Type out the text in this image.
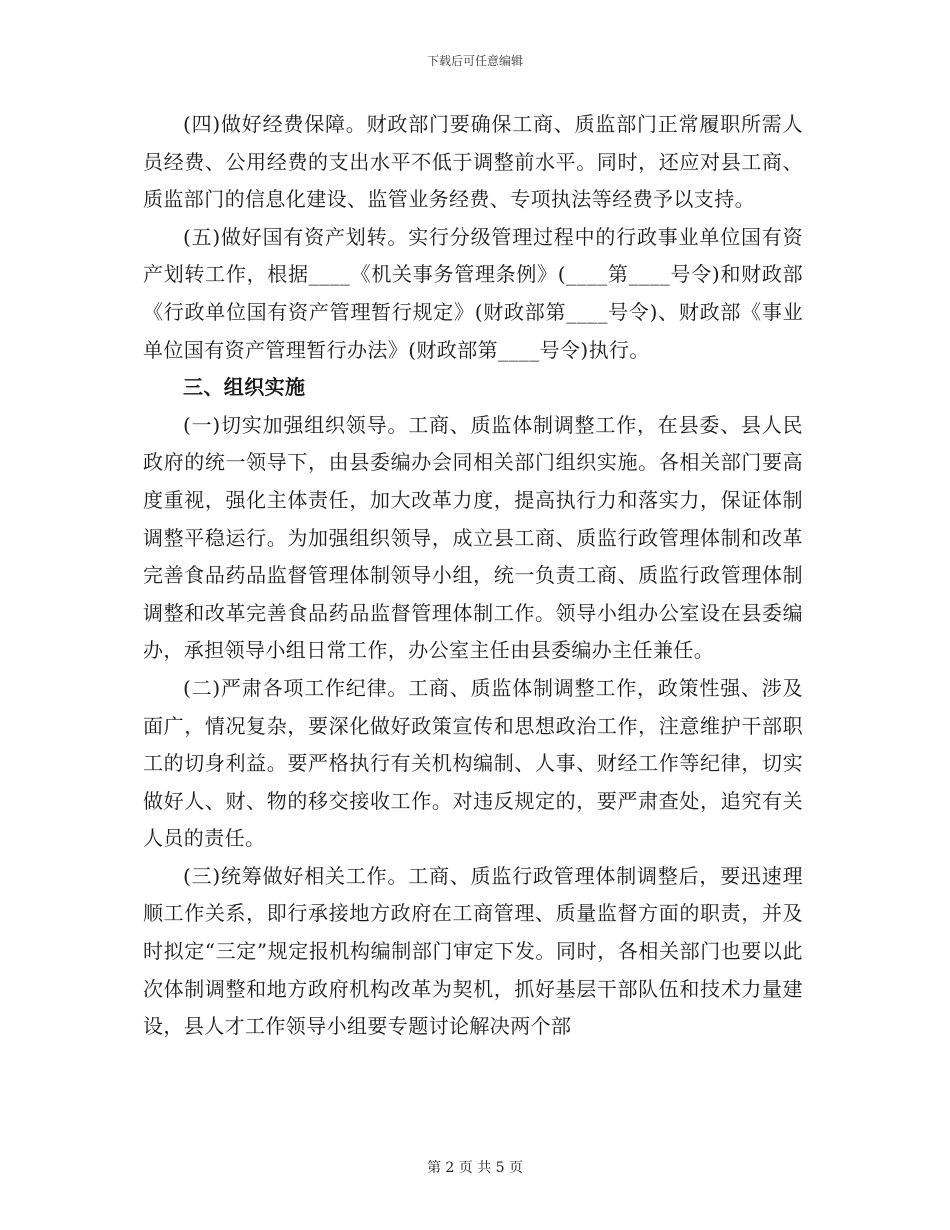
下载后可任意编辑

(四)做好经费保障。财政部门要确保工商、质监部门正常履职所需人员经费、公用经费的支出水平不低于调整前水平。同时，还应对县工商、质监部门的信息化建设、监管业务经费、专项执法等经费予以支持。

(五)做好国有资产划转。实行分级管理过程中的行政事业单位国有资产划转工作，根据____《机关事务管理条例》(____第____号令)和财政部《行政单位国有资产管理暂行规定》(财政部第____号令)、财政部《事业单位国有资产管理暂行办法》(财政部第____号令)执行。

三、组织实施

(一)切实加强组织领导。工商、质监体制调整工作，在县委、县人民政府的统一领导下，由县委编办会同相关部门组织实施。各相关部门要高度重视，强化主体责任，加大改革力度，提高执行力和落实力，保证体制调整平稳运行。为加强组织领导，成立县工商、质监行政管理体制和改革完善食品药品监督管理体制领导小组，统一负责工商、质监行政管理体制调整和改革完善食品药品监督管理体制工作。领导小组办公室设在县委编办，承担领导小组日常工作，办公室主任由县委编办主任兼任。

(二)严肃各项工作纪律。工商、质监体制调整工作，政策性强、涉及面广，情况复杂，要深化做好政策宣传和思想政治工作，注意维护干部职工的切身利益。要严格执行有关机构编制、人事、财经工作等纪律，切实做好人、财、物的移交接收工作。对违反规定的，要严肃查处，追究有关人员的责任。

(三)统筹做好相关工作。工商、质监行政管理体制调整后，要迅速理顺工作关系，即行承接地方政府在工商管理、质量监督方面的职责，并及时拟定“三定”规定报机构编制部门审定下发。同时，各相关部门也要以此次体制调整和地方政府机构改革为契机，抓好基层干部队伍和技术力量建设，县人才工作领导小组要专题讨论解决两个部

第 2 页 共 5 页
